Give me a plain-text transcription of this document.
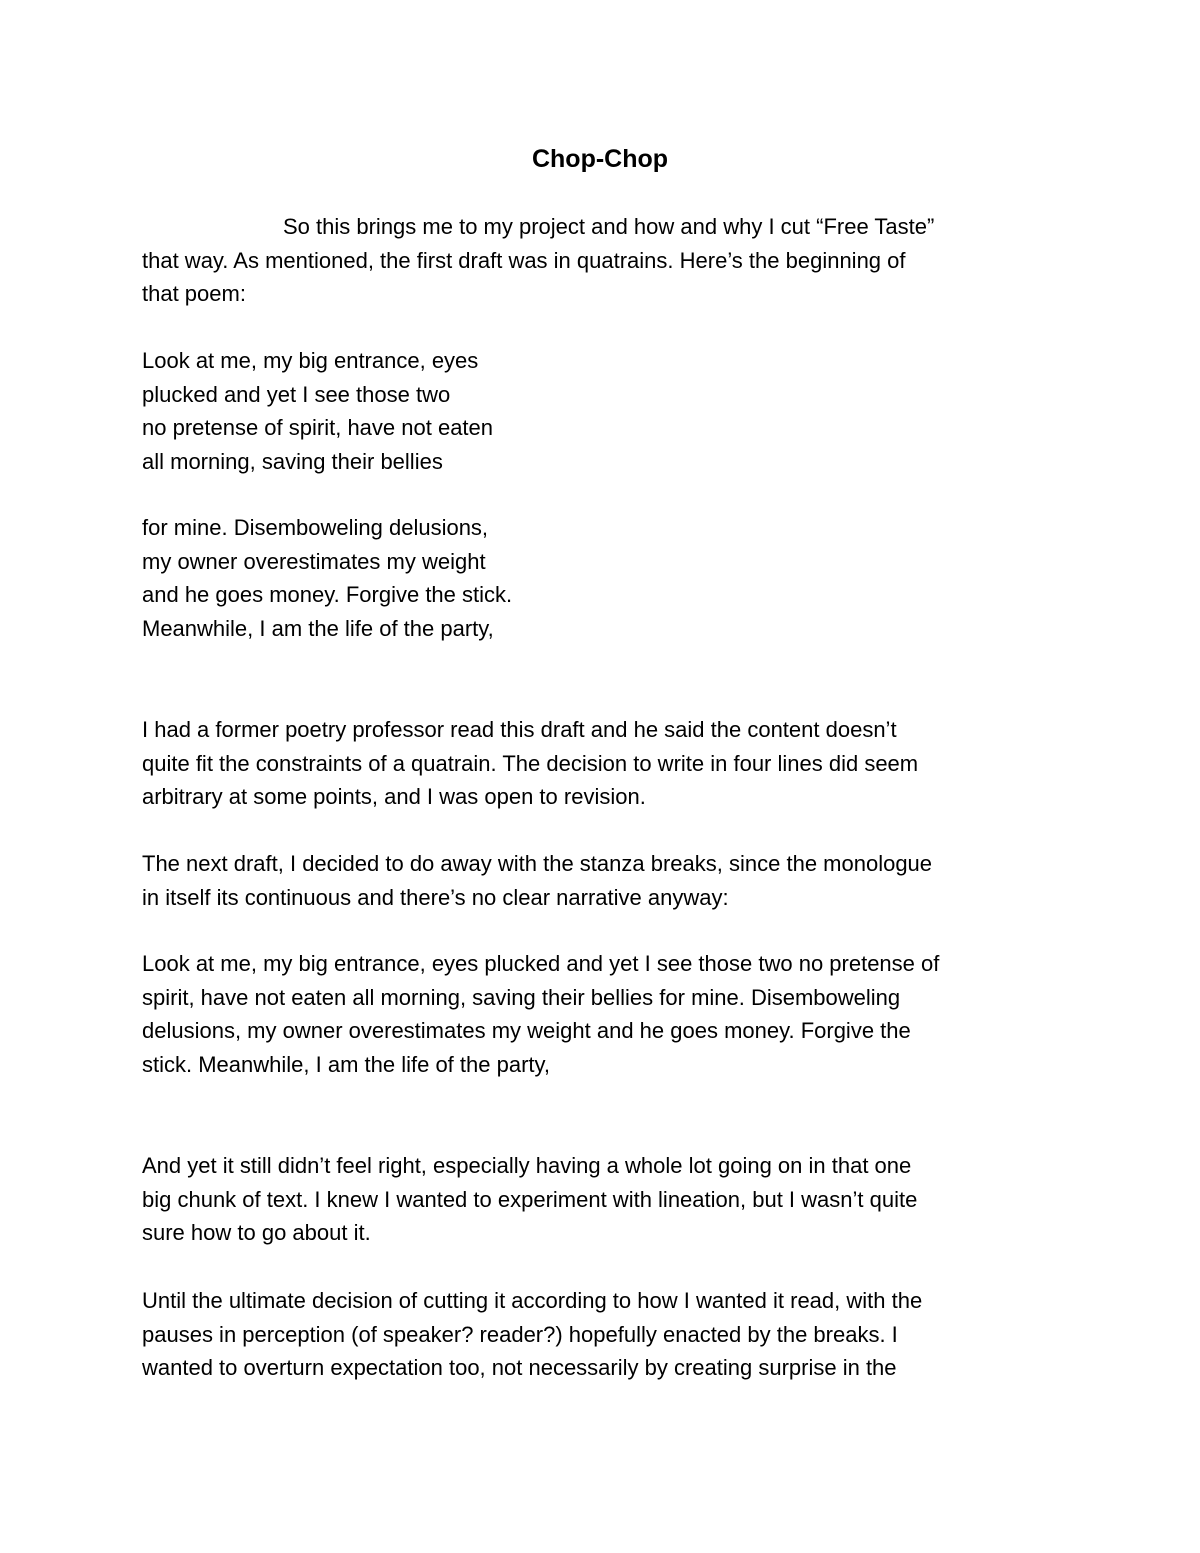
Chop-Chop
So this brings me to my project and how and why I cut “Free Taste”
that way. As mentioned, the first draft was in quatrains. Here’s the beginning of
that poem:
Look at me, my big entrance, eyes
plucked and yet I see those two
no pretense of spirit, have not eaten
all morning, saving their bellies
for mine. Disemboweling delusions,
my owner overestimates my weight
and he goes money. Forgive the stick.
Meanwhile, I am the life of the party,
I had a former poetry professor read this draft and he said the content doesn’t
quite fit the constraints of a quatrain. The decision to write in four lines did seem
arbitrary at some points, and I was open to revision.
The next draft, I decided to do away with the stanza breaks, since the monologue
in itself its continuous and there’s no clear narrative anyway:
Look at me, my big entrance, eyes plucked and yet I see those two no pretense of
spirit, have not eaten all morning, saving their bellies for mine. Disemboweling
delusions, my owner overestimates my weight and he goes money. Forgive the
stick. Meanwhile, I am the life of the party,
And yet it still didn’t feel right, especially having a whole lot going on in that one
big chunk of text. I knew I wanted to experiment with lineation, but I wasn’t quite
sure how to go about it.
Until the ultimate decision of cutting it according to how I wanted it read, with the
pauses in perception (of speaker? reader?) hopefully enacted by the breaks. I
wanted to overturn expectation too, not necessarily by creating surprise in the
